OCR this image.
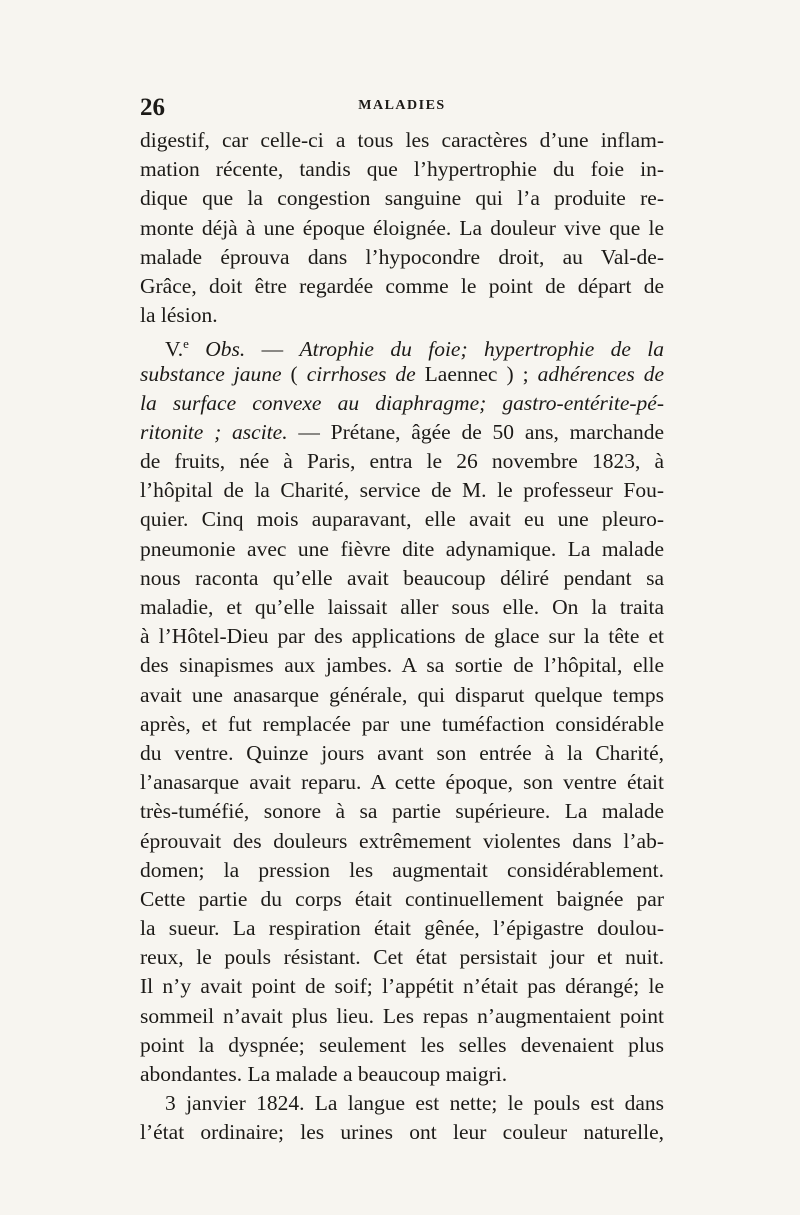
26	MALADIES
digestif, car celle-ci a tous les caractères d’une inflam-
mation récente, tandis que l’hypertrophie du foie in-
dique que la congestion sanguine qui l’a produite re-
monte déjà à une époque éloignée. La douleur vive que le
malade éprouva dans l’hypocondre droit, au Val-de-
Grâce, doit être regardée comme le point de départ de
la lésion.
V.$^e$ Obs. — Atrophie du foie; hypertrophie de la
substance jaune ( cirrhoses de Laennec ) ; adhérences de
la surface convexe au diaphragme; gastro-entérite-pé-
ritonite ; ascite. — Prétane, âgée de 50 ans, marchande
de fruits, née à Paris, entra le 26 novembre 1823, à
l’hôpital de la Charité, service de M. le professeur Fou-
quier. Cinq mois auparavant, elle avait eu une pleuro-
pneumonie avec une fièvre dite adynamique. La malade
nous raconta qu’elle avait beaucoup déliré pendant sa
maladie, et qu’elle laissait aller sous elle. On la traita
à l’Hôtel-Dieu par des applications de glace sur la tête et
des sinapismes aux jambes. A sa sortie de l’hôpital, elle
avait une anasarque générale, qui disparut quelque temps
après, et fut remplacée par une tuméfaction considérable
du ventre. Quinze jours avant son entrée à la Charité,
l’anasarque avait reparu. A cette époque, son ventre était
très-tuméfié, sonore à sa partie supérieure. La malade
éprouvait des douleurs extrêmement violentes dans l’ab-
domen; la pression les augmentait considérablement.
Cette partie du corps était continuellement baignée par
la sueur. La respiration était gênée, l’épigastre doulou-
reux, le pouls résistant. Cet état persistait jour et nuit.
Il n’y avait point de soif; l’appétit n’était pas dérangé; le
sommeil n’avait plus lieu. Les repas n’augmentaient point
point la dyspnée; seulement les selles devenaient plus
abondantes. La malade a beaucoup maigri.
3 janvier 1824. La langue est nette; le pouls est dans
l’état ordinaire; les urines ont leur couleur naturelle,
